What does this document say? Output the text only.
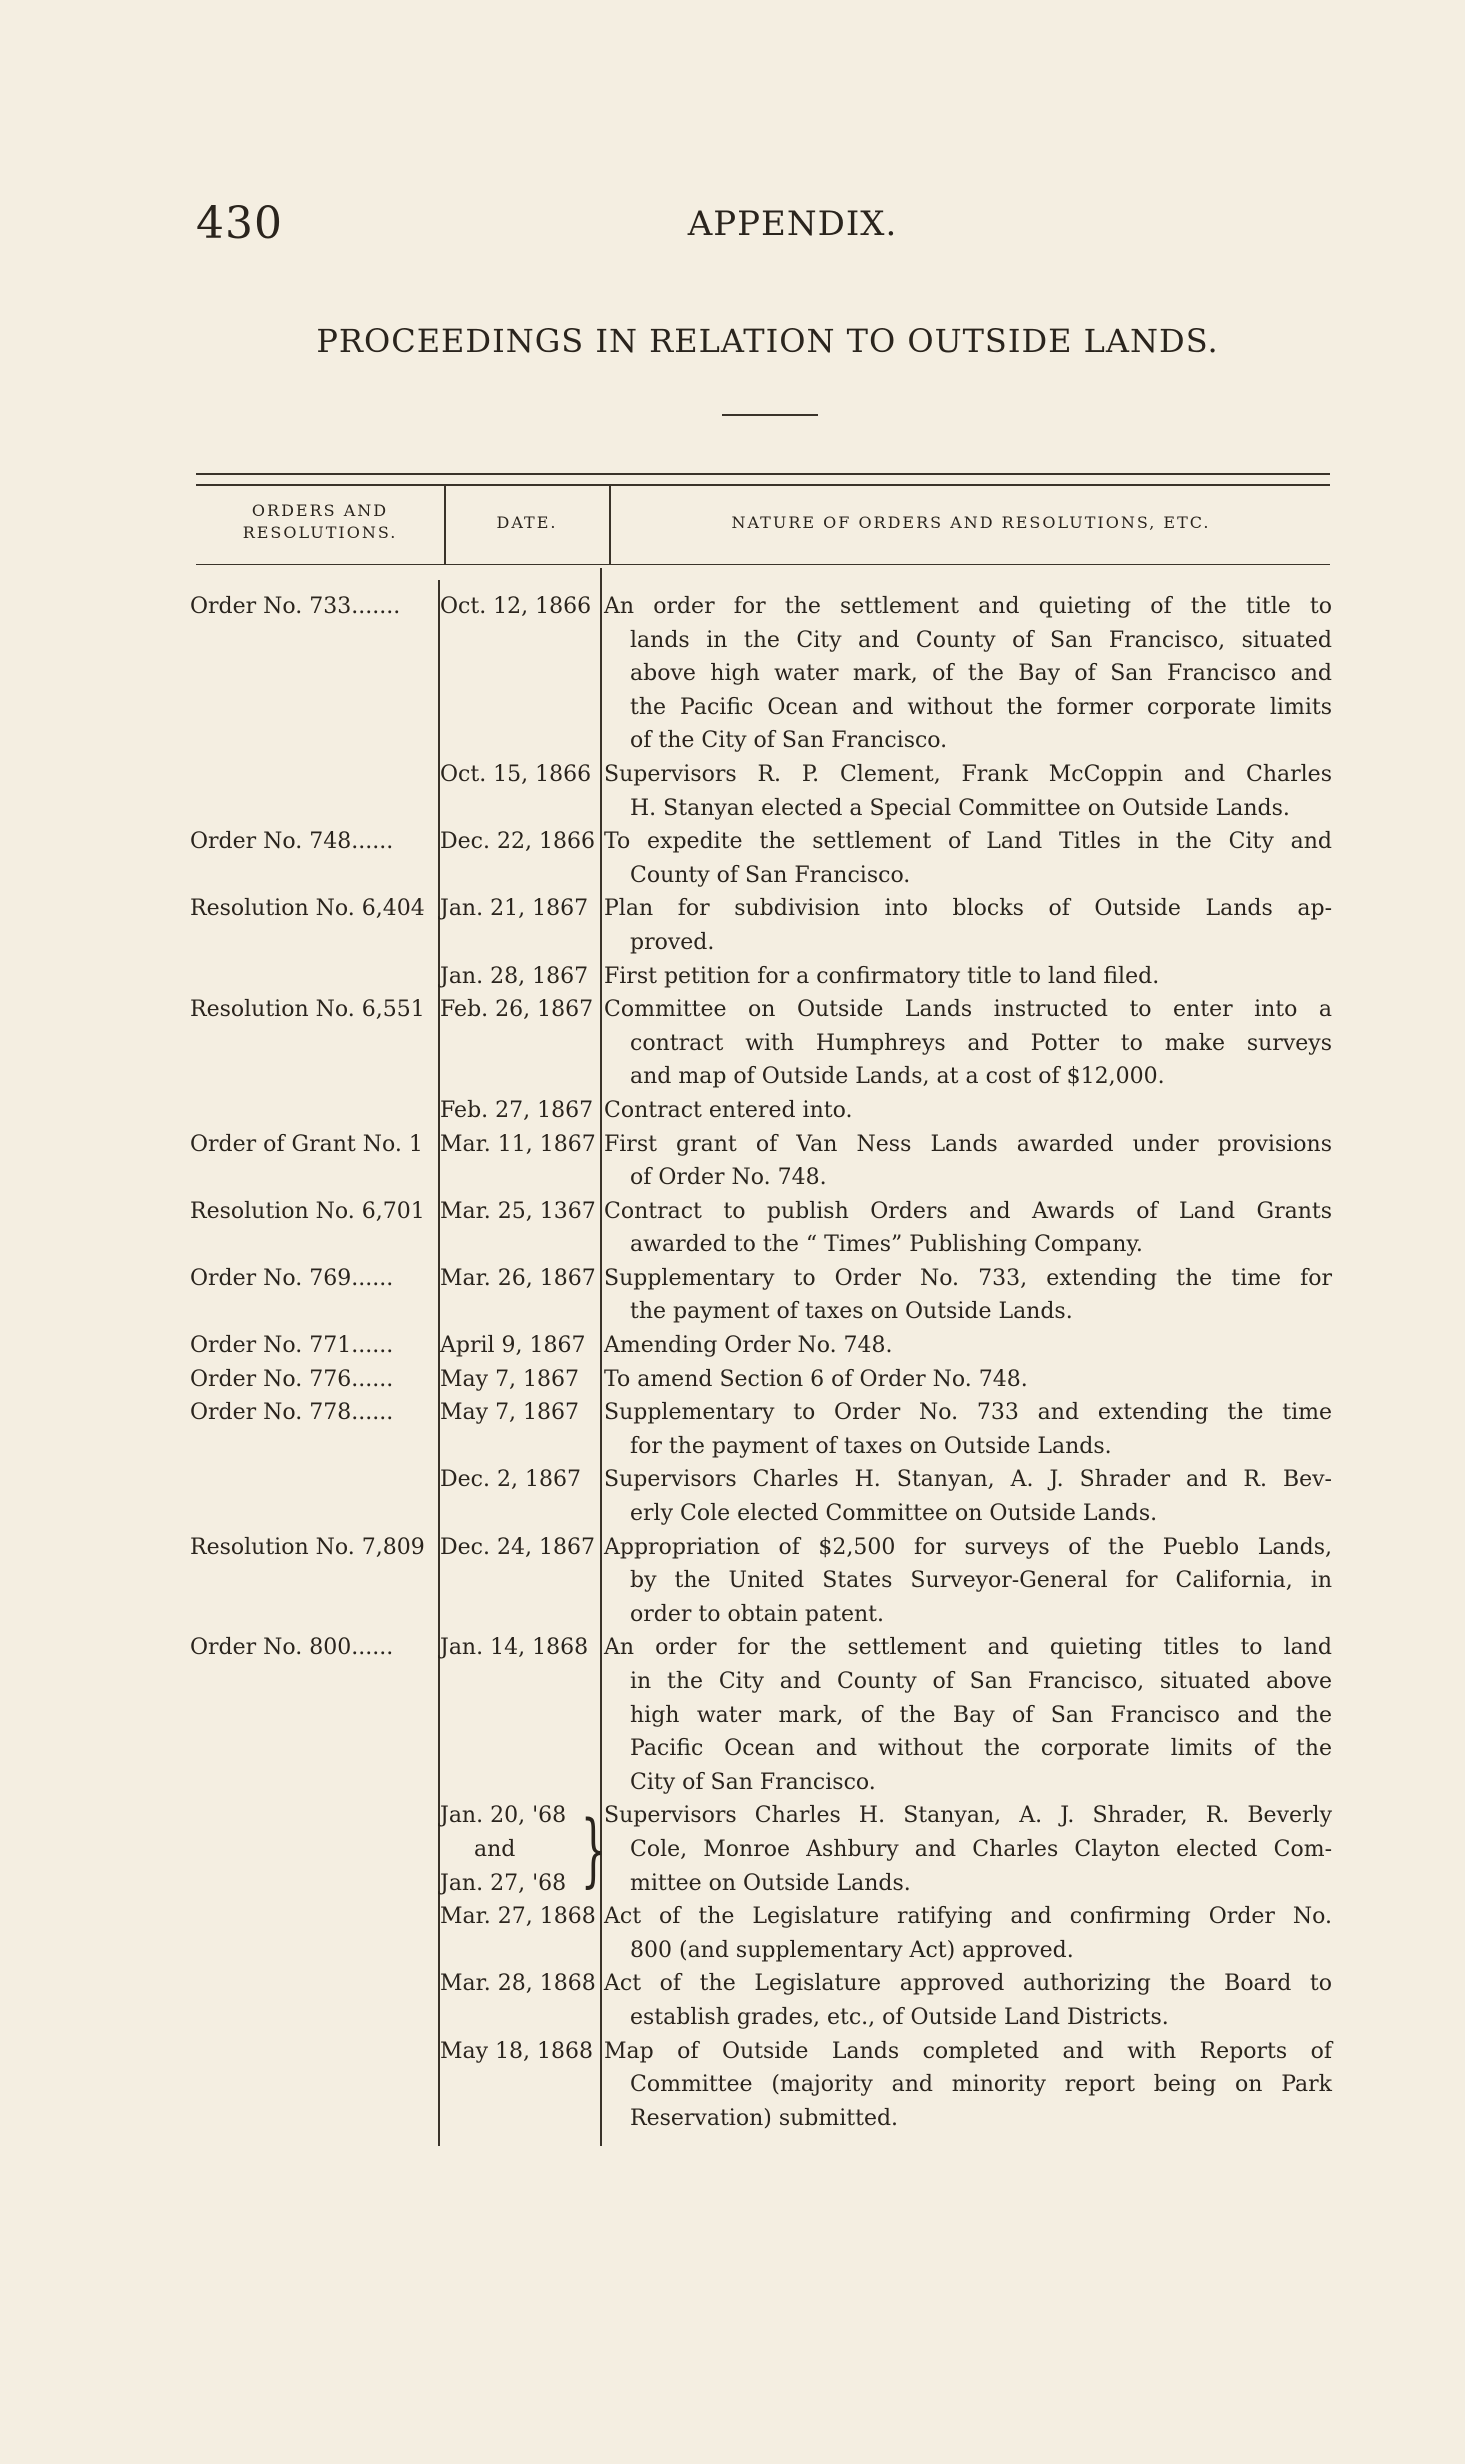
430	APPENDIX.
PROCEEDINGS IN RELATION TO OUTSIDE LANDS.
ORDERS AND
RESOLUTIONS.
DATE.	NATURE OF ORDERS AND RESOLUTIONS, ETC.
Order No. 733.......	Oct. 12, 1866 An order for the settlement and quieting of the title to
lands in the City and County of San Francisco, situated
above high water mark, of the Bay of San Francisco and
the Pacific Ocean and without the former corporate limits
of the City of San Francisco.
Oct. 15, 1866 Supervisors R. P. Clement, Frank McCoppin and Charles
H. Stanyan elected a Special Committee on Outside Lands.
Order No. 748......	Dec. 22, 1866 To expedite the settlement of Land Titles in the City and
County of San Francisco.
Resolution No. 6,404 Jan. 21, 1867 Plan for subdivision into blocks of Outside Lands ap-
proved.
Jan. 28, 1867 First petition for a confirmatory title to land filed.
Resolution No. 6,551 Feb. 26, 1867 Committee on Outside Lands instructed to enter into a
contract with Humphreys and Potter to make surveys
and map of Outside Lands, at a cost of $12,000.
Feb. 27, 1867 Contract entered into.
Order of Grant No. 1 Mar. 11, 1867 First grant of Van Ness Lands awarded under provisions
of Order No. 748.
Resolution No. 6,701 Mar. 25, 1367 Contract to publish Orders and Awards of Land Grants
awarded to the “ Times” Publishing Company.
Order No. 769......	Mar. 26, 1867 Supplementary to Order No. 733, extending the time for
the payment of taxes on Outside Lands.
Order No. 771......	April 9, 1867 Amending Order No. 748.
Order No. 776......	May 7, 1867	To amend Section 6 of Order No. 748.
Order No. 778......	May 7, 1867	Supplementary to Order No. 733 and extending the time
for the payment of taxes on Outside Lands.
Dec. 2, 1867	Supervisors Charles H. Stanyan, A. J. Shrader and R. Bev-
erly Cole elected Committee on Outside Lands.
Resolution No. 7,809 Dec. 24, 1867 Appropriation of $2,500 for surveys of the Pueblo Lands,
by the United States Surveyor-General for California, in
order to obtain patent.
Order No. 800......	Jan. 14, 1868 An order for the settlement and quieting titles to land
in the City and County of San Francisco, situated above
high water mark, of the Bay of San Francisco and the
Pacific Ocean and without the corporate limits of the
City of San Francisco.
Jan. 20, '68
and
Jan. 27, '68 }
Supervisors Charles H. Stanyan, A. J. Shrader, R. Beverly
Cole, Monroe Ashbury and Charles Clayton elected Com-
mittee on Outside Lands.
Mar. 27, 1868 Act of the Legislature ratifying and confirming Order No.
800 (and supplementary Act) approved.
Mar. 28, 1868 Act of the Legislature approved authorizing the Board to
establish grades, etc., of Outside Land Districts.
May 18, 1868 Map of Outside Lands completed and with Reports of
Committee (majority and minority report being on Park
Reservation) submitted.
